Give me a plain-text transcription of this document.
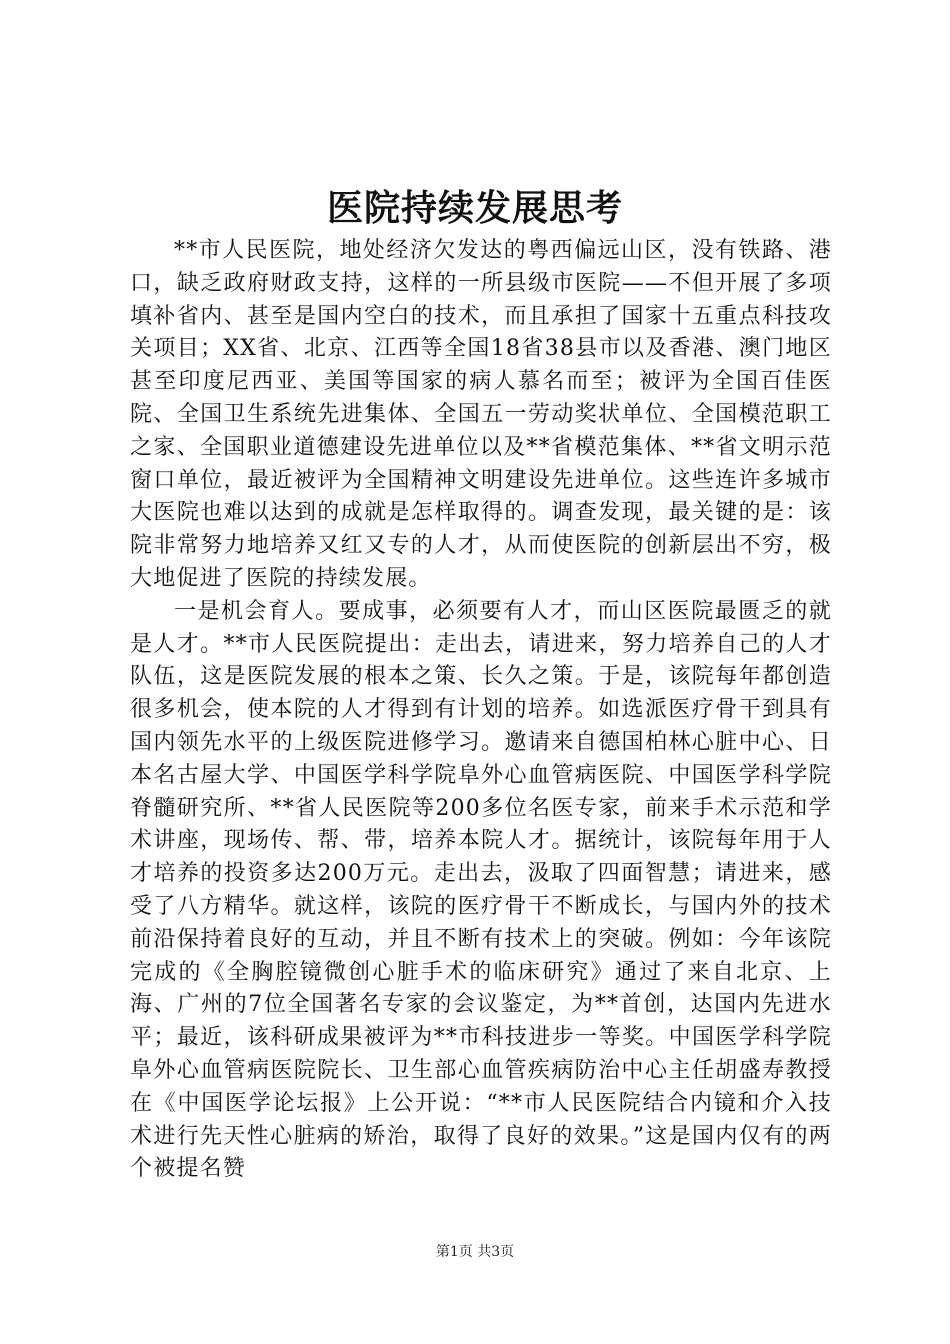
医院持续发展思考

**市人民医院，地处经济欠发达的粤西偏远山区，没有铁路、港口，缺乏政府财政支持，这样的一所县级市医院——不但开展了多项填补省内、甚至是国内空白的技术，而且承担了国家十五重点科技攻关项目；XX省、北京、江西等全国18省38县市以及香港、澳门地区甚至印度尼西亚、美国等国家的病人慕名而至；被评为全国百佳医院、全国卫生系统先进集体、全国五一劳动奖状单位、全国模范职工之家、全国职业道德建设先进单位以及**省模范集体、**省文明示范窗口单位，最近被评为全国精神文明建设先进单位。这些连许多城市大医院也难以达到的成就是怎样取得的。调查发现，最关键的是：该院非常努力地培养又红又专的人才，从而使医院的创新层出不穷，极大地促进了医院的持续发展。

一是机会育人。要成事，必须要有人才，而山区医院最匮乏的就是人才。**市人民医院提出：走出去，请进来，努力培养自己的人才队伍，这是医院发展的根本之策、长久之策。于是，该院每年都创造很多机会，使本院的人才得到有计划的培养。如选派医疗骨干到具有国内领先水平的上级医院进修学习。邀请来自德国柏林心脏中心、日本名古屋大学、中国医学科学院阜外心血管病医院、中国医学科学院脊髓研究所、**省人民医院等200多位名医专家，前来手术示范和学术讲座，现场传、帮、带，培养本院人才。据统计，该院每年用于人才培养的投资多达200万元。走出去，汲取了四面智慧；请进来，感受了八方精华。就这样，该院的医疗骨干不断成长，与国内外的技术前沿保持着良好的互动，并且不断有技术上的突破。例如：今年该院完成的《全胸腔镜微创心脏手术的临床研究》通过了来自北京、上海、广州的7位全国著名专家的会议鉴定，为**首创，达国内先进水平；最近，该科研成果被评为**市科技进步一等奖。中国医学科学院阜外心血管病医院院长、卫生部心血管疾病防治中心主任胡盛寿教授在《中国医学论坛报》上公开说：“**市人民医院结合内镜和介入技术进行先天性心脏病的矫治，取得了良好的效果。”这是国内仅有的两个被提名赞

第1页 共3页
